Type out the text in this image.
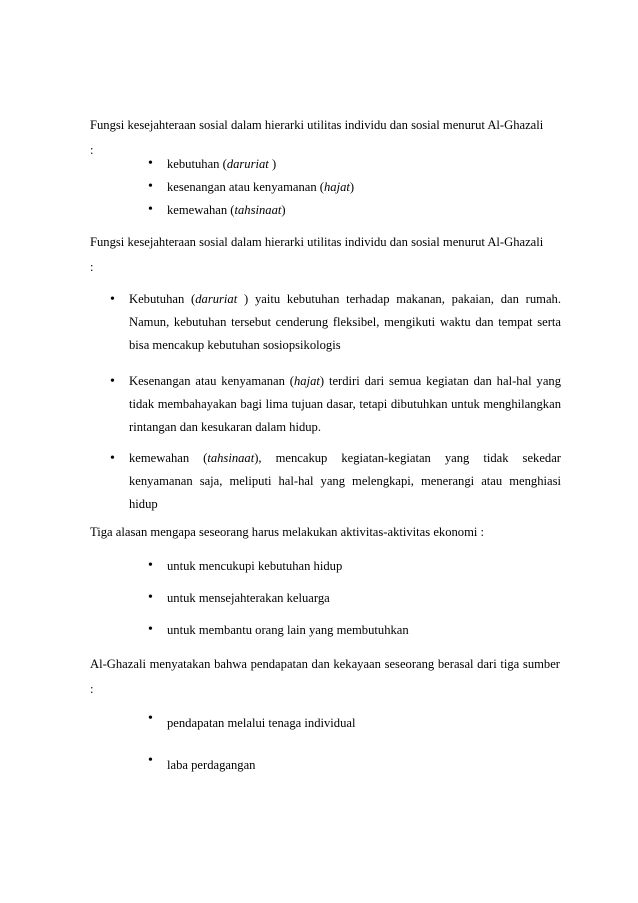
Fungsi kesejahteraan sosial dalam hierarki utilitas individu dan sosial menurut Al-Ghazali
:

• kebutuhan (daruriat )
• kesenangan atau kenyamanan (hajat)
• kemewahan (tahsinaat)

Fungsi kesejahteraan sosial dalam hierarki utilitas individu dan sosial menurut Al-Ghazali
:

• Kebutuhan (daruriat ) yaitu kebutuhan terhadap makanan, pakaian, dan rumah. Namun, kebutuhan tersebut cenderung fleksibel, mengikuti waktu dan tempat serta bisa mencakup kebutuhan sosiopsikologis
• Kesenangan atau kenyamanan (hajat) terdiri dari semua kegiatan dan hal-hal yang tidak membahayakan bagi lima tujuan dasar, tetapi dibutuhkan untuk menghilangkan rintangan dan kesukaran dalam hidup.
• kemewahan (tahsinaat), mencakup kegiatan-kegiatan yang tidak sekedar kenyamanan saja, meliputi hal-hal yang melengkapi, menerangi atau menghiasi hidup

Tiga alasan mengapa seseorang harus melakukan aktivitas-aktivitas ekonomi :

• untuk mencukupi kebutuhan hidup
• untuk mensejahterakan keluarga
• untuk membantu orang lain yang membutuhkan

Al-Ghazali menyatakan bahwa pendapatan dan kekayaan seseorang berasal dari tiga sumber :

• pendapatan melalui tenaga individual
• laba perdagangan
